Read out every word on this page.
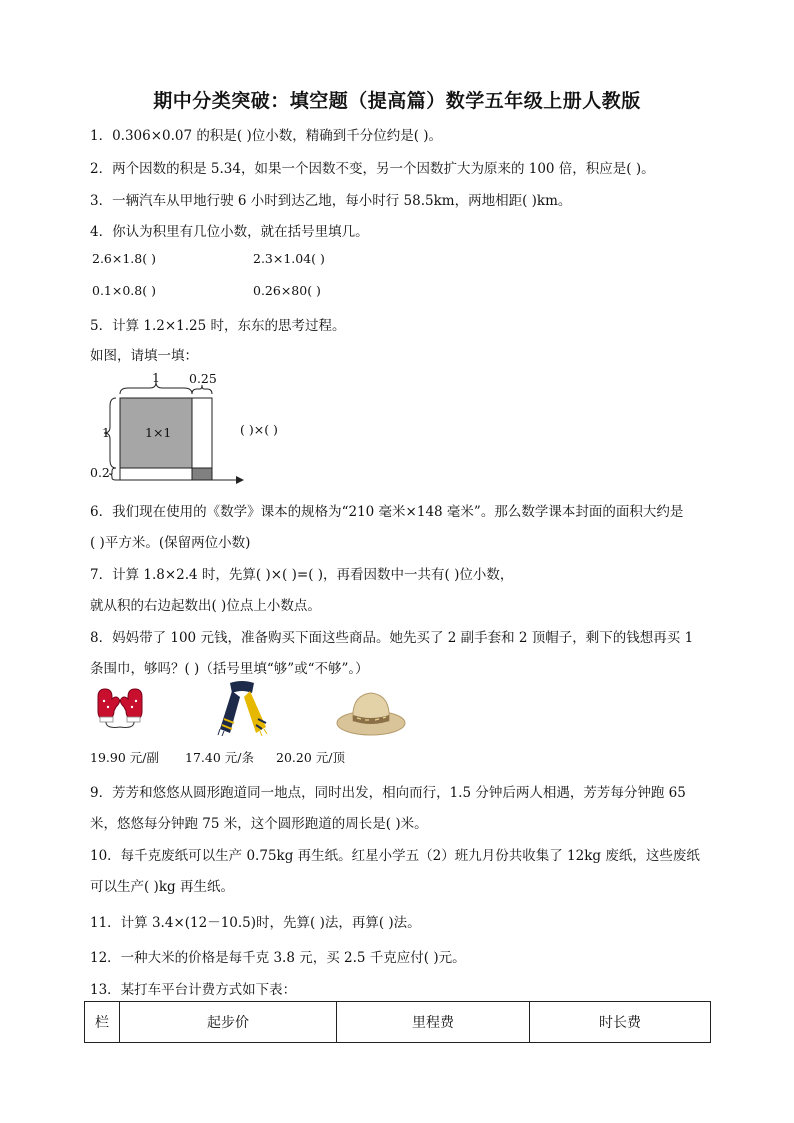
期中分类突破：填空题（提高篇）数学五年级上册人教版
1．0.306×0.07 的积是( )位小数，精确到千分位约是( )。
2．两个因数的积是 5.34，如果一个因数不变，另一个因数扩大为原来的 100 倍，积应是( )。
3．一辆汽车从甲地行驶 6 小时到达乙地，每小时行 58.5km，两地相距( )km。
4．你认为积里有几位小数，就在括号里填几。
2.6×1.8( )	2.3×1.04( )
0.1×0.8( )	0.26×80( )
5．计算 1.2×1.25 时，东东的思考过程。
如图，请填一填：
1 0.25
1
0.2
1×1	( )×( )
6．我们现在使用的《数学》课本的规格为“210 毫米×148 毫米”。那么数学课本封面的面积大约是
( )平方米。(保留两位小数)
7．计算 1.8×2.4 时，先算( )×( )=( )，再看因数中一共有( )位小数，
就从积的右边起数出( )位点上小数点。
8．妈妈带了 100 元钱，准备购买下面这些商品。她先买了 2 副手套和 2 顶帽子，剩下的钱想再买 1
条围巾，够吗？( )（括号里填“够”或“不够”。）
19.90 元/副 17.40 元/条 20.20 元/顶
9．芳芳和悠悠从圆形跑道同一地点，同时出发，相向而行，1.5 分钟后两人相遇，芳芳每分钟跑 65
米，悠悠每分钟跑 75 米，这个圆形跑道的周长是( )米。
10．每千克废纸可以生产 0.75kg 再生纸。红星小学五（2）班九月份共收集了 12kg 废纸，这些废纸
可以生产( )kg 再生纸。
11．计算 3.4×(12－10.5)时，先算( )法，再算( )法。
12．一种大米的价格是每千克 3.8 元，买 2.5 千克应付( )元。
13．某打车平台计费方式如下表：
栏	起步价	里程费	时长费
